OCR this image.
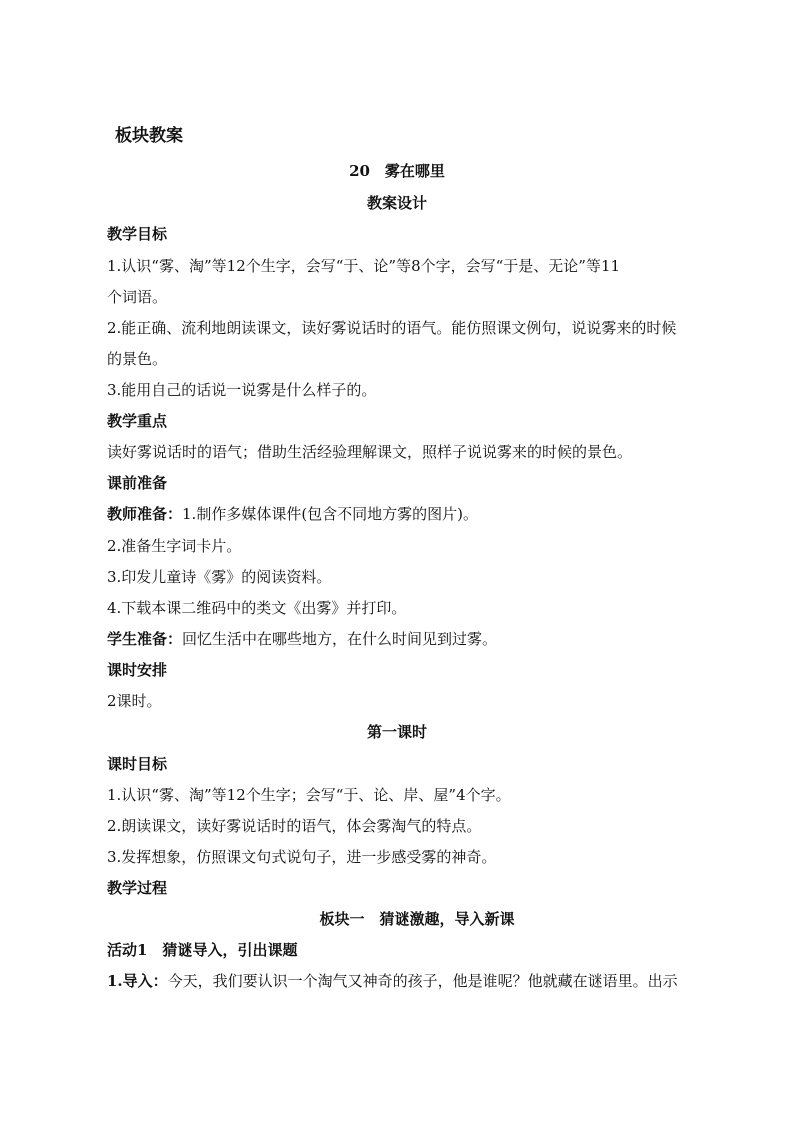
板块教案
20　雾在哪里
教案设计
教学目标
1.认识“雾、淘”等12个生字，会写“于、论”等8个字，会写“于是、无论”等11
个词语。
2.能正确、流利地朗读课文，读好雾说话时的语气。能仿照课文例句，说说雾来的时候
的景色。
3.能用自己的话说一说雾是什么样子的。
教学重点
读好雾说话时的语气；借助生活经验理解课文，照样子说说雾来的时候的景色。
课前准备
教师准备：1.制作多媒体课件(包含不同地方雾的图片)。
2.准备生字词卡片。
3.印发儿童诗《雾》的阅读资料。
4.下载本课二维码中的类文《出雾》并打印。
学生准备：回忆生活中在哪些地方，在什么时间见到过雾。
课时安排
2课时。
第一课时
课时目标
1.认识“雾、淘”等12个生字；会写“于、论、岸、屋”4个字。
2.朗读课文，读好雾说话时的语气，体会雾淘气的特点。
3.发挥想象，仿照课文句式说句子，进一步感受雾的神奇。
教学过程
板块一　猜谜激趣，导入新课
活动1　猜谜导入，引出课题
1.导入：今天，我们要认识一个淘气又神奇的孩子，他是谁呢？他就藏在谜语里。出示
